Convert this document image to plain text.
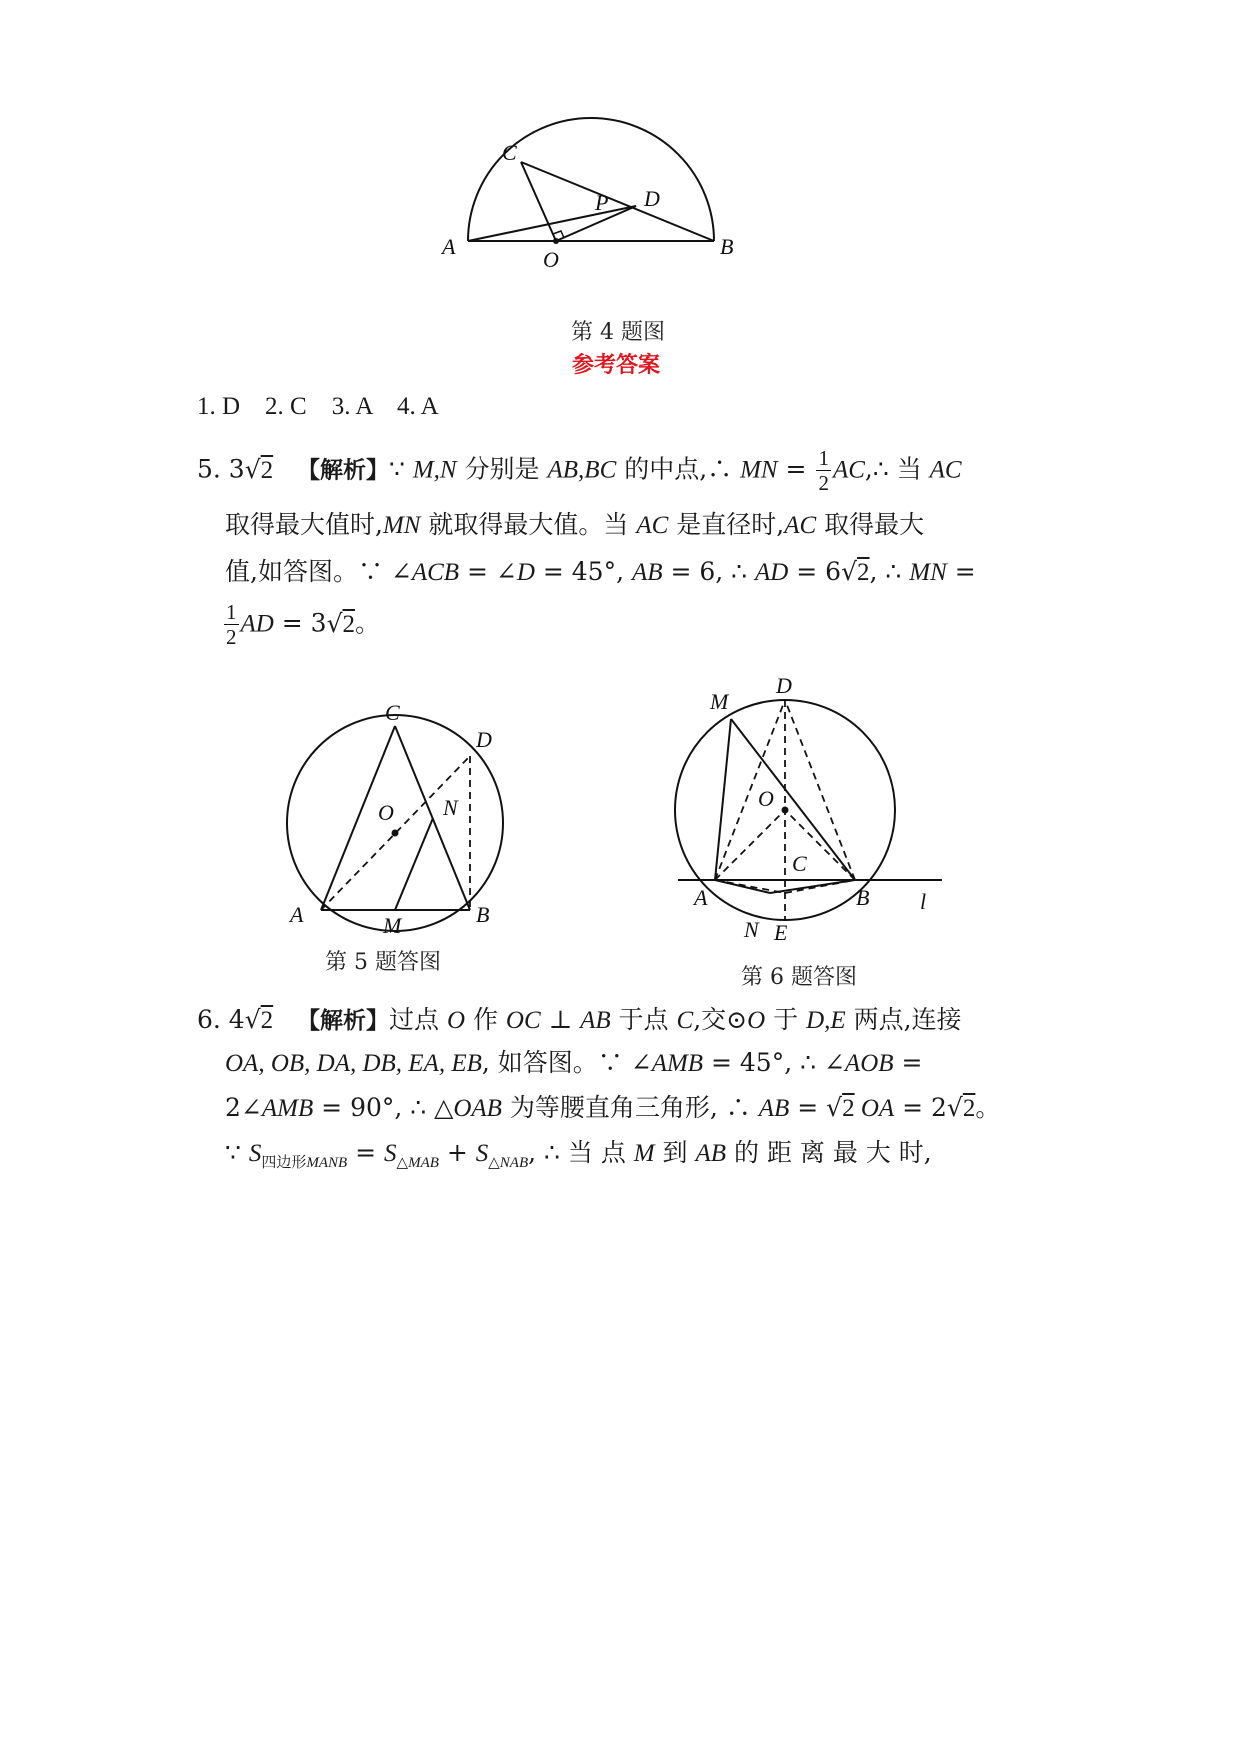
C
P D
A
O
B
第 4 题图
参考答案
1. D    2. C    3. A    4. A
5. 3√2 【解析】∵ M,N 分别是 AB,BC 的中点,∴ MN = $\frac{1}{2}$ AC,∴ 当 AC
取得最大值时,MN 就取得最大值。当 AC 是直径时,AC 取得最大
值,如答图。∵ ∠ACB = ∠D = 45°, AB = 6, ∴ AD = 6√2, ∴ MN =
$\frac{1}{2}$ AD = 3√2。
C
D
O N
A	M	B
第 5 题答图
M
D
O
C
A	B l
N E
第 6 题答图
6. 4√2 【解析】过点 O 作 OC ⊥ AB 于点 C,交⊙O 于 D,E 两点,连接
OA, OB, DA, DB, EA, EB, 如答图。∵ ∠AMB = 45°, ∴ ∠AOB =
2∠AMB = 90°, ∴ △OAB 为等腰直角三角形, ∴ AB = √2 OA = 2√2。
∵ $S_{四边形MANB} = S_{\triangle MAB} + S_{\triangle NAB}$, ∴ 当 点 M 到 AB 的 距 离 最 大 时,
